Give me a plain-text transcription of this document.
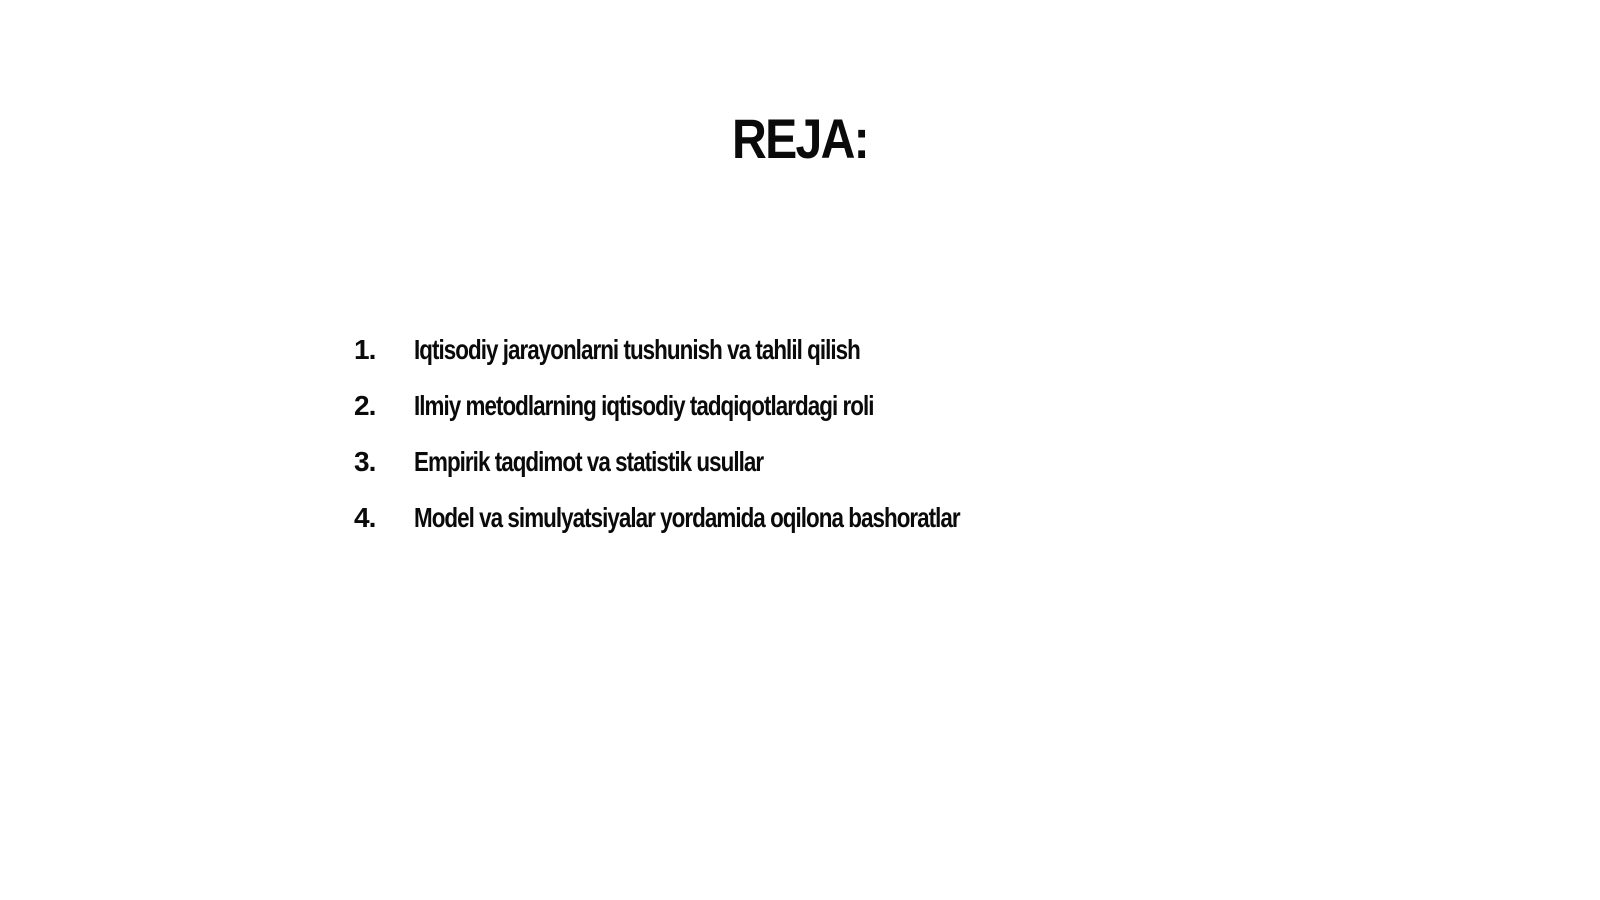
REJA:
1. Iqtisodiy jarayonlarni tushunish va tahlil qilish
2. Ilmiy metodlarning iqtisodiy tadqiqotlardagi roli
3. Empirik taqdimot va statistik usullar
4. Model va simulyatsiyalar yordamida oqilona bashoratlar
